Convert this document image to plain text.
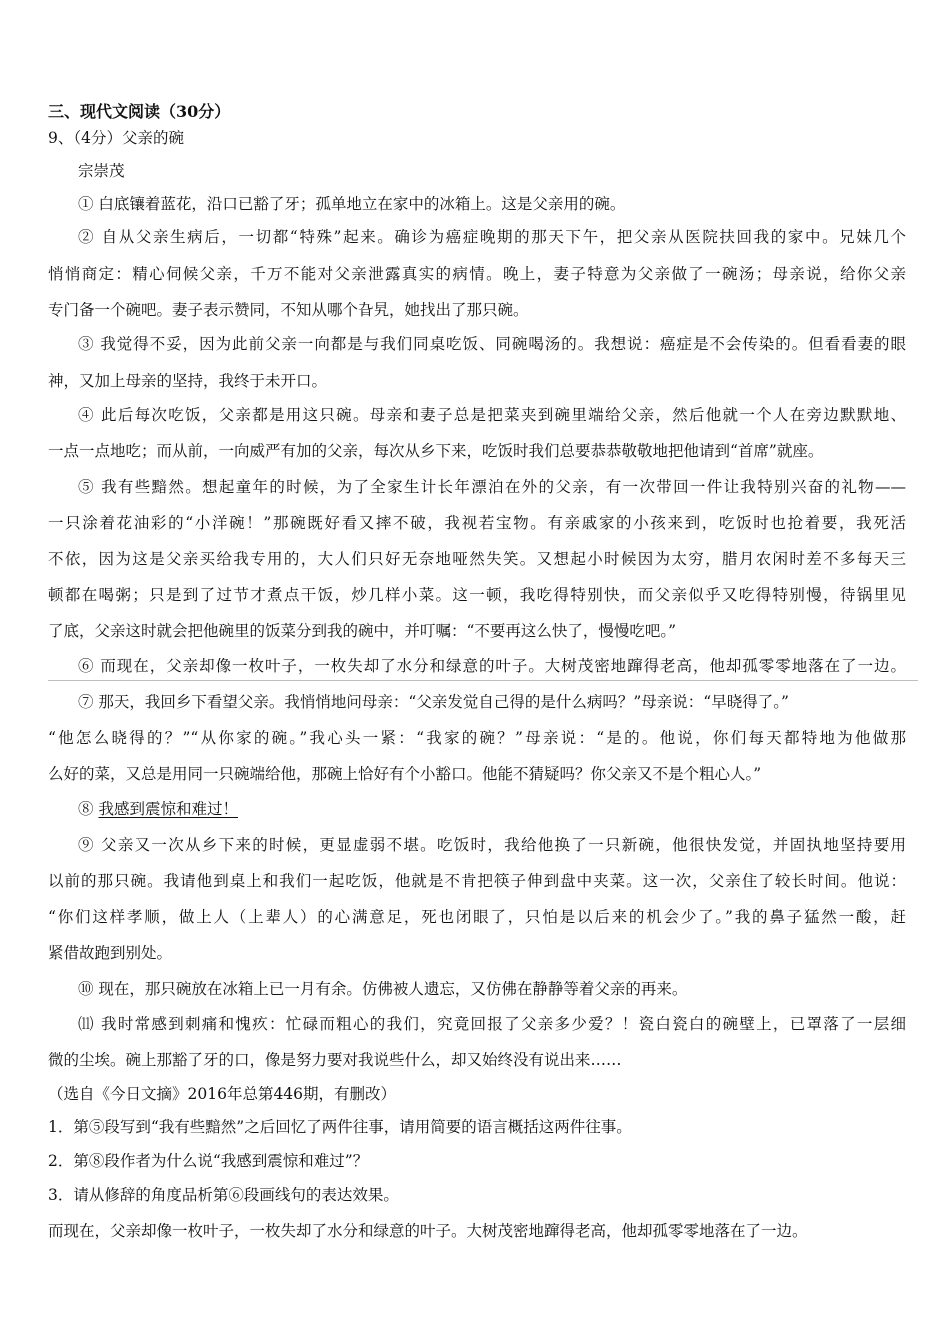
三、现代文阅读（30分）
9、（4分）父亲的碗
宗崇茂
① 白底镶着蓝花，沿口已豁了牙；孤单地立在家中的冰箱上。这是父亲用的碗。
② 自从父亲生病后，一切都“特殊”起来。确诊为癌症晚期的那天下午，把父亲从医院扶回我的家中。兄妹几个
悄悄商定：精心伺候父亲，千万不能对父亲泄露真实的病情。晚上，妻子特意为父亲做了一碗汤；母亲说，给你父亲
专门备一个碗吧。妻子表示赞同，不知从哪个旮旯，她找出了那只碗。
③ 我觉得不妥，因为此前父亲一向都是与我们同桌吃饭、同碗喝汤的。我想说：癌症是不会传染的。但看看妻的眼
神，又加上母亲的坚持，我终于未开口。
④ 此后每次吃饭，父亲都是用这只碗。母亲和妻子总是把菜夹到碗里端给父亲，然后他就一个人在旁边默默地、
一点一点地吃；而从前，一向威严有加的父亲，每次从乡下来，吃饭时我们总要恭恭敬敬地把他请到“首席”就座。
⑤ 我有些黯然。想起童年的时候，为了全家生计长年漂泊在外的父亲，有一次带回一件让我特别兴奋的礼物——
一只涂着花油彩的“小洋碗！”那碗既好看又摔不破，我视若宝物。有亲戚家的小孩来到，吃饭时也抢着要，我死活
不依，因为这是父亲买给我专用的，大人们只好无奈地哑然失笑。又想起小时候因为太穷，腊月农闲时差不多每天三
顿都在喝粥；只是到了过节才煮点干饭，炒几样小菜。这一顿，我吃得特别快，而父亲似乎又吃得特别慢，待锅里见
了底，父亲这时就会把他碗里的饭菜分到我的碗中，并叮嘱：“不要再这么快了，慢慢吃吧。”
⑥ 而现在，父亲却像一枚叶子，一枚失却了水分和绿意的叶子。大树茂密地蹿得老高，他却孤零零地落在了一边。
⑦ 那天，我回乡下看望父亲。我悄悄地问母亲：“父亲发觉自己得的是什么病吗？”母亲说：“早晓得了。”
“他怎么晓得的？”“从你家的碗。”我心头一紧：“我家的碗？”母亲说：“是的。他说，你们每天都特地为他做那
么好的菜，又总是用同一只碗端给他，那碗上恰好有个小豁口。他能不猜疑吗？你父亲又不是个粗心人。”
⑧ 我感到震惊和难过！
⑨ 父亲又一次从乡下来的时候，更显虚弱不堪。吃饭时，我给他换了一只新碗，他很快发觉，并固执地坚持要用
以前的那只碗。我请他到桌上和我们一起吃饭，他就是不肯把筷子伸到盘中夹菜。这一次，父亲住了较长时间。他说：
“你们这样孝顺，做上人（上辈人）的心满意足，死也闭眼了，只怕是以后来的机会少了。”我的鼻子猛然一酸，赶
紧借故跑到别处。
⑩ 现在，那只碗放在冰箱上已一月有余。仿佛被人遗忘，又仿佛在静静等着父亲的再来。
⑾ 我时常感到刺痛和愧疚：忙碌而粗心的我们，究竟回报了父亲多少爱？！瓷白瓷白的碗壁上，已罩落了一层细
微的尘埃。碗上那豁了牙的口，像是努力要对我说些什么，却又始终没有说出来……
（选自《今日文摘》2016年总第446期，有删改）
1．第⑤段写到“我有些黯然”之后回忆了两件往事，请用简要的语言概括这两件往事。
2．第⑧段作者为什么说“我感到震惊和难过”？
3．请从修辞的角度品析第⑥段画线句的表达效果。
而现在，父亲却像一枚叶子，一枚失却了水分和绿意的叶子。大树茂密地蹿得老高，他却孤零零地落在了一边。
